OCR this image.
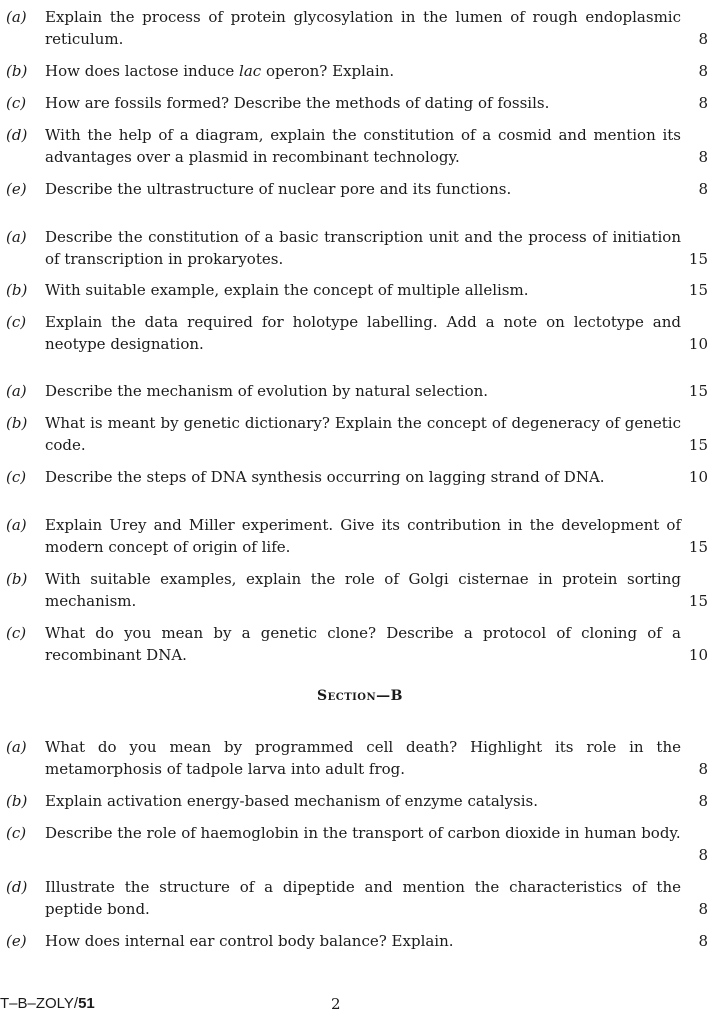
(a) Explain the process of protein glycosylation in the lumen of rough endoplasmic reticulum.	8
(b) How does lactose induce lac operon? Explain.	8
(c) How are fossils formed? Describe the methods of dating of fossils.	8
(d) With the help of a diagram, explain the constitution of a cosmid and mention its advantages over a plasmid in recombinant technology.	8
(e) Describe the ultrastructure of nuclear pore and its functions.	8
(a) Describe the constitution of a basic transcription unit and the process of initiation of transcription in prokaryotes.	15
(b) With suitable example, explain the concept of multiple allelism.	15
(c) Explain the data required for holotype labelling. Add a note on lectotype and neotype designation.	10
(a) Describe the mechanism of evolution by natural selection.	15
(b) What is meant by genetic dictionary? Explain the concept of degeneracy of genetic code.	15
(c) Describe the steps of DNA synthesis occurring on lagging strand of DNA.	10
(a) Explain Urey and Miller experiment. Give its contribution in the development of modern concept of origin of life.	15
(b) With suitable examples, explain the role of Golgi cisternae in protein sorting mechanism.	15
(c) What do you mean by a genetic clone? Describe a protocol of cloning of a recombinant DNA.	10
Section—B
(a) What do you mean by programmed cell death? Highlight its role in the metamorphosis of tadpole larva into adult frog.	8
(b) Explain activation energy-based mechanism of enzyme catalysis.	8
(c) Describe the role of haemoglobin in the transport of carbon dioxide in human body.
8
(d) Illustrate the structure of a dipeptide and mention the characteristics of the peptide bond.	8
(e) How does internal ear control body balance? Explain.	8
T–B–ZOLY/51	2
